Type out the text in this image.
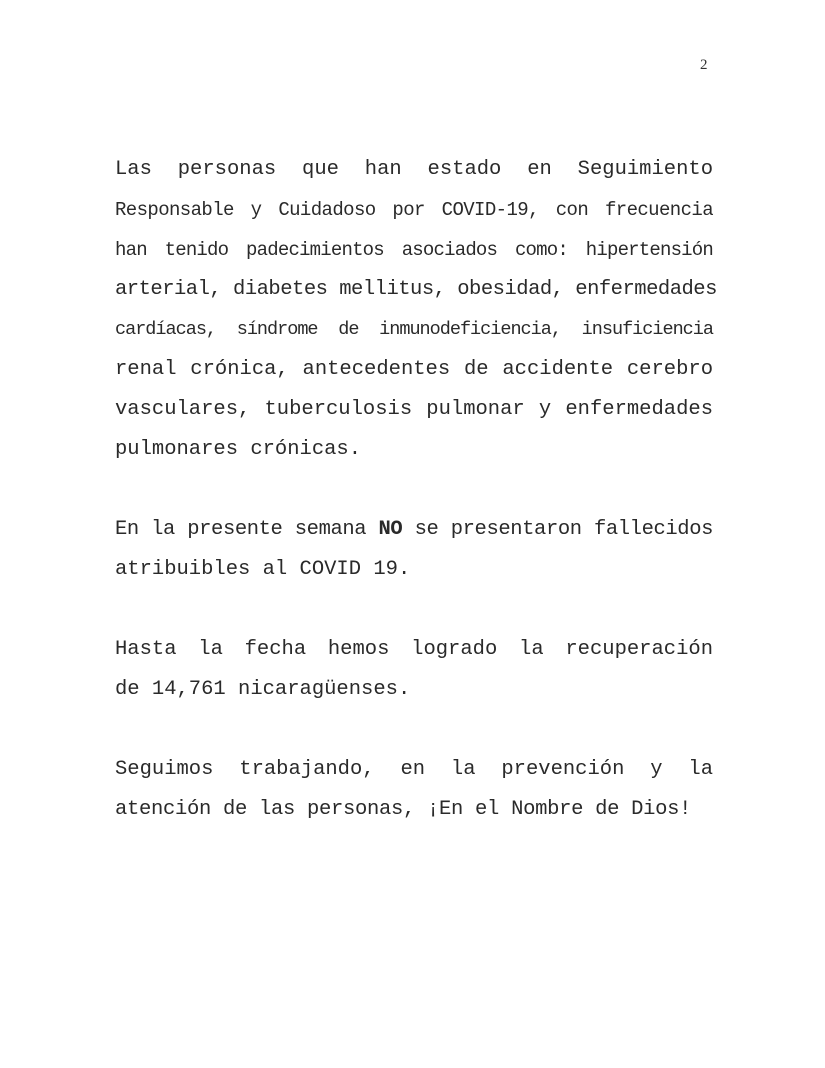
2
Las personas que han estado en Seguimiento
Responsable y Cuidadoso por COVID-19, con frecuencia
han tenido padecimientos asociados como: hipertensión
arterial, diabetes mellitus, obesidad, enfermedades
cardíacas, síndrome de inmunodeficiencia, insuficiencia
renal crónica, antecedentes de accidente cerebro
vasculares, tuberculosis pulmonar y enfermedades
pulmonares crónicas.
En la presente semana NO se presentaron fallecidos
atribuibles al COVID 19.
Hasta la fecha hemos logrado la recuperación
de 14,761 nicaragüenses.
Seguimos trabajando, en la prevención y la
atención de las personas, ¡En el Nombre de Dios!
